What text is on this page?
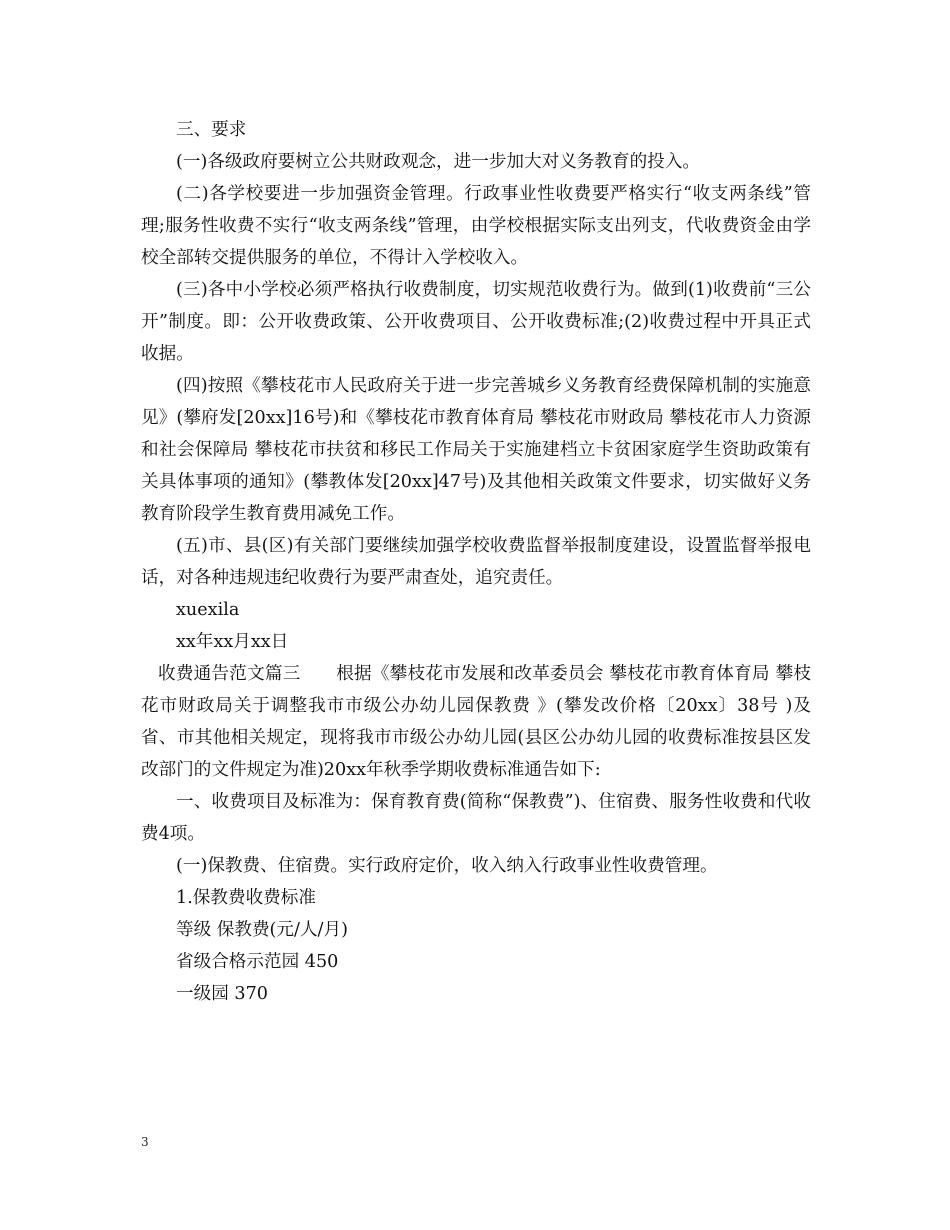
三、要求

(一)各级政府要树立公共财政观念，进一步加大对义务教育的投入。

(二)各学校要进一步加强资金管理。行政事业性收费要严格实行“收支两条线”管理;服务性收费不实行“收支两条线”管理，由学校根据实际支出列支，代收费资金由学校全部转交提供服务的单位，不得计入学校收入。

(三)各中小学校必须严格执行收费制度，切实规范收费行为。做到(1)收费前“三公开”制度。即：公开收费政策、公开收费项目、公开收费标准;(2)收费过程中开具正式收据。

(四)按照《攀枝花市人民政府关于进一步完善城乡义务教育经费保障机制的实施意见》(攀府发[20xx]16号)和《攀枝花市教育体育局 攀枝花市财政局 攀枝花市人力资源和社会保障局 攀枝花市扶贫和移民工作局关于实施建档立卡贫困家庭学生资助政策有关具体事项的通知》(攀教体发[20xx]47号)及其他相关政策文件要求，切实做好义务教育阶段学生教育费用减免工作。

(五)市、县(区)有关部门要继续加强学校收费监督举报制度建设，设置监督举报电话，对各种违规违纪收费行为要严肃查处，追究责任。

xuexila

xx年xx月xx日

收费通告范文篇三　　根据《攀枝花市发展和改革委员会 攀枝花市教育体育局 攀枝花市财政局关于调整我市市级公办幼儿园保教费 》(攀发改价格〔20xx〕38号 )及省、市其他相关规定，现将我市市级公办幼儿园(县区公办幼儿园的收费标准按县区发改部门的文件规定为准)20xx年秋季学期收费标准通告如下:

一、收费项目及标准为：保育教育费(简称“保教费”)、住宿费、服务性收费和代收费4项。

(一)保教费、住宿费。实行政府定价，收入纳入行政事业性收费管理。

1.保教费收费标准

等级 保教费(元/人/月)

省级合格示范园 450

一级园 370

3
